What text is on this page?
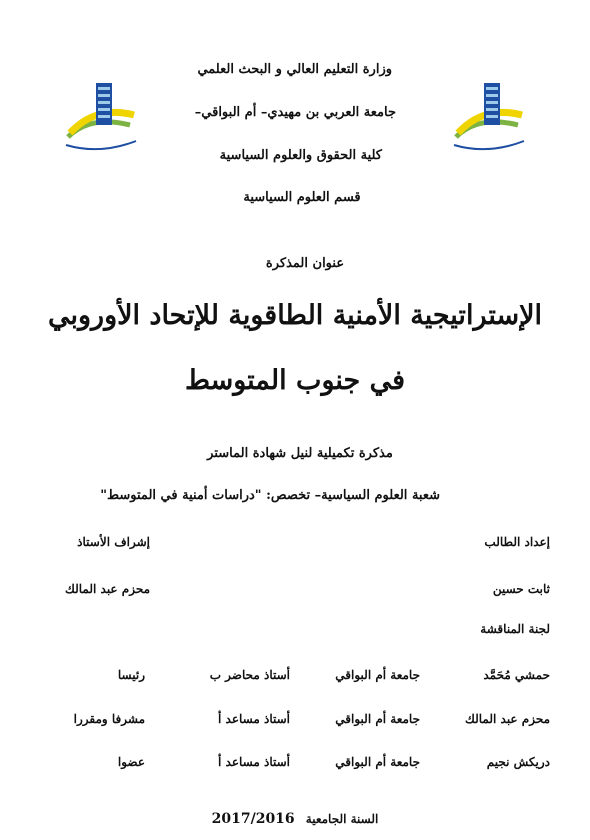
وزارة التعليم العالي و البحث العلمي
جامعة العربي بن مهيدي– أم البواقي–
كلية الحقوق والعلوم السياسية
قسم العلوم السياسية
عنوان المذكرة
الإستراتيجية الأمنية الطاقوية للإتحاد الأوروبي
في جنوب المتوسط
مذكرة تكميلية لنيل شهادة الماستر
شعبة العلوم السياسية– تخصص: "دراسات أمنية في المتوسط"
إعداد الطالب
إشراف الأستاذ
ثابت حسين
محزم عبد المالك
لجنة المناقشة
حمشي مُحَمَّد
جامعة أم البواقي
أستاذ محاضر ب
رئيسا
محزم عبد المالك
جامعة أم البواقي
أستاذ مساعد أ
مشرفا ومقررا
دريكش نجيم
جامعة أم البواقي
أستاذ مساعد أ
عضوا
السنة الجامعية 2017/2016
